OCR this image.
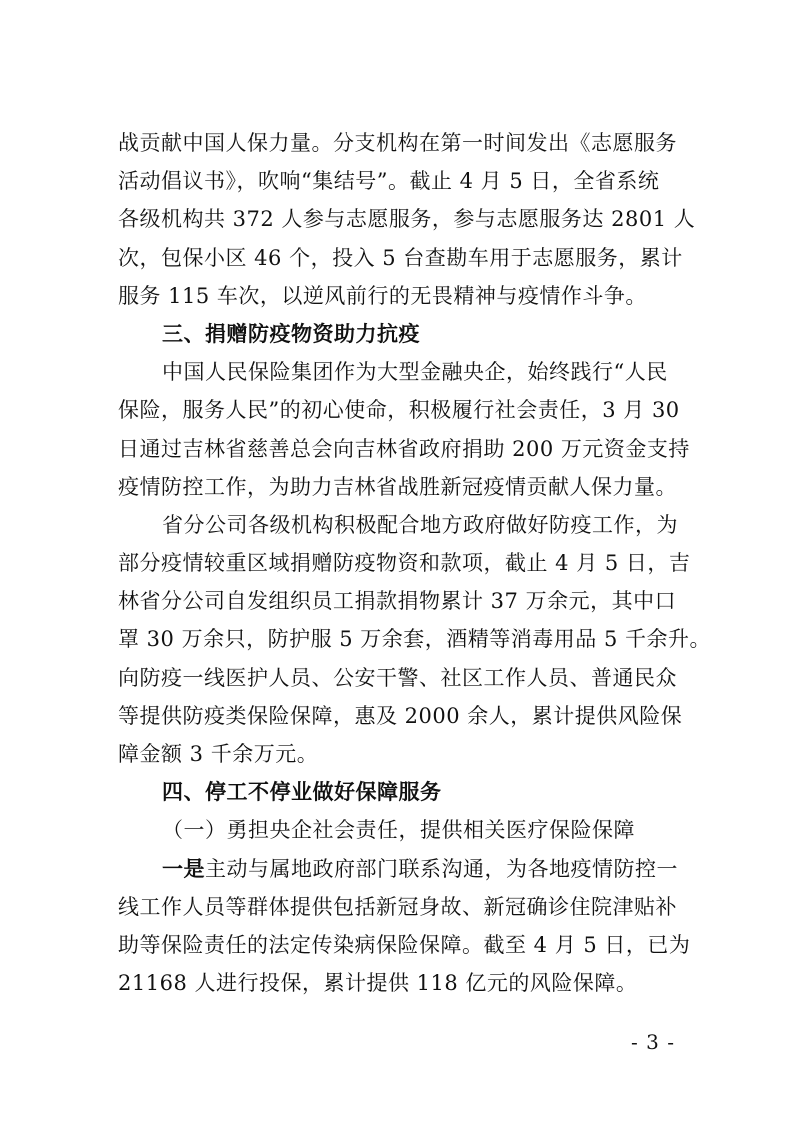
战贡献中国人保力量。分支机构在第一时间发出《志愿服务
活动倡议书》，吹响“集结号”。截止 4 月 5 日，全省系统
各级机构共 372 人参与志愿服务，参与志愿服务达 2801 人
次，包保小区 46 个，投入 5 台查勘车用于志愿服务，累计
服务 115 车次，以逆风前行的无畏精神与疫情作斗争。
三、捐赠防疫物资助力抗疫
中国人民保险集团作为大型金融央企，始终践行“人民
保险，服务人民”的初心使命，积极履行社会责任，3 月 30
日通过吉林省慈善总会向吉林省政府捐助 200 万元资金支持
疫情防控工作，为助力吉林省战胜新冠疫情贡献人保力量。
省分公司各级机构积极配合地方政府做好防疫工作，为
部分疫情较重区域捐赠防疫物资和款项，截止 4 月 5 日，吉
林省分公司自发组织员工捐款捐物累计 37 万余元，其中口
罩 30 万余只，防护服 5 万余套，酒精等消毒用品 5 千余升。
向防疫一线医护人员、公安干警、社区工作人员、普通民众
等提供防疫类保险保障，惠及 2000 余人，累计提供风险保
障金额 3 千余万元。
四、停工不停业做好保障服务
（一）勇担央企社会责任，提供相关医疗保险保障
一是主动与属地政府部门联系沟通，为各地疫情防控一
线工作人员等群体提供包括新冠身故、新冠确诊住院津贴补
助等保险责任的法定传染病保险保障。截至 4 月 5 日，已为
21168 人进行投保，累计提供 118 亿元的风险保障。
- 3 -
